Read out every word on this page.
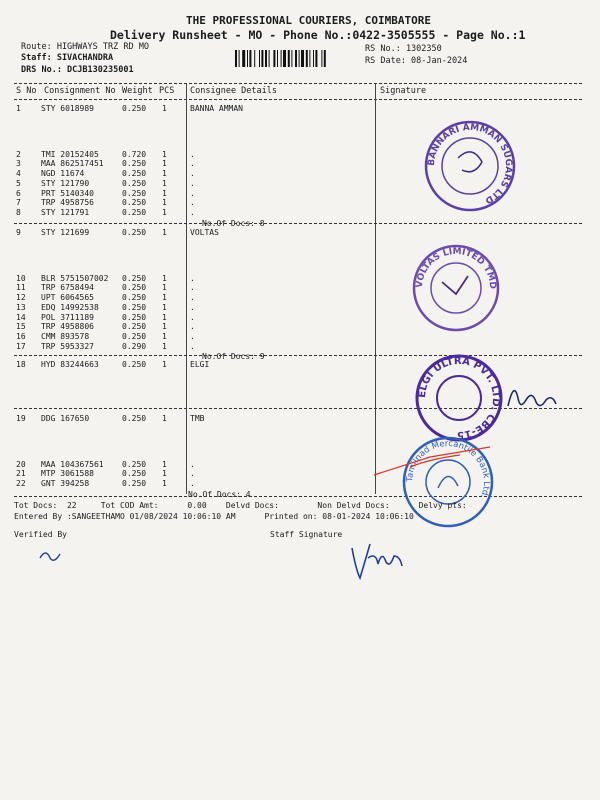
THE PROFESSIONAL COURIERS, COIMBATORE
Delivery Runsheet - MO - Phone No.:0422-3505555 - Page No.:1
Route: HIGHWAYS TRZ RD MO
Staff: SIVACHANDRA
DRS No.: DCJB130235001
RS No.: 1302350
RS Date: 08-Jan-2024
S No Consignment No Weight PCS Consignee Details	Signature
1	STY 6018989	0.250 1	BANNA AMMAN
2	TMI 20152405	0.720 1	.
3	MAA 862517451 0.250 1	.
4	NGD 11674	0.250 1	.
5	STY 121790	0.250 1	.
6	PRT 5140340	0.250 1	.
7	TRP 4958756	0.250 1	.
8	STY 121791	0.250 1	.
No.Of Docs: 8
9	STY 121699	0.250 1	VOLTAS
10 BLR 5751507002 0.250 1	.
11 TRP 6758494	0.250 1	.
12 UPT 6064565	0.250 1	.
13 EDQ 14992538	0.250 1	.
14 POL 3711189	0.250 1	.
15 TRP 4958806	0.250 1	.
16 CMM 893578	0.250 1	.
17 TRP 5953327	0.290 1	.
No.Of Docs: 9
18 HYD 83244663	0.250 1	ELGI
19 DDG 167650	0.250 1	TMB
20 MAA 104367561 0.250 1	.
21 MTP 3061588	0.250 1	.
22 GNT 394258	0.250 1	.
No.Of Docs: 4
BANNARI AMMAN SUGARS LTD
VOLTAS LIMITED TMD
ELGI ULTRA PVT. LTD. CBE-15
Tamilnad Mercantile Bank Ltd.
Tot Docs:  22     Tot COD Amt:      0.00    Delvd Docs:        Non Delvd Docs:      Delvy pts:
Entered By :SANGEETHAMO 01/08/2024 10:06:10 AM      Printed on: 08-01-2024 10:06:10
Verified By	Staff Signature
